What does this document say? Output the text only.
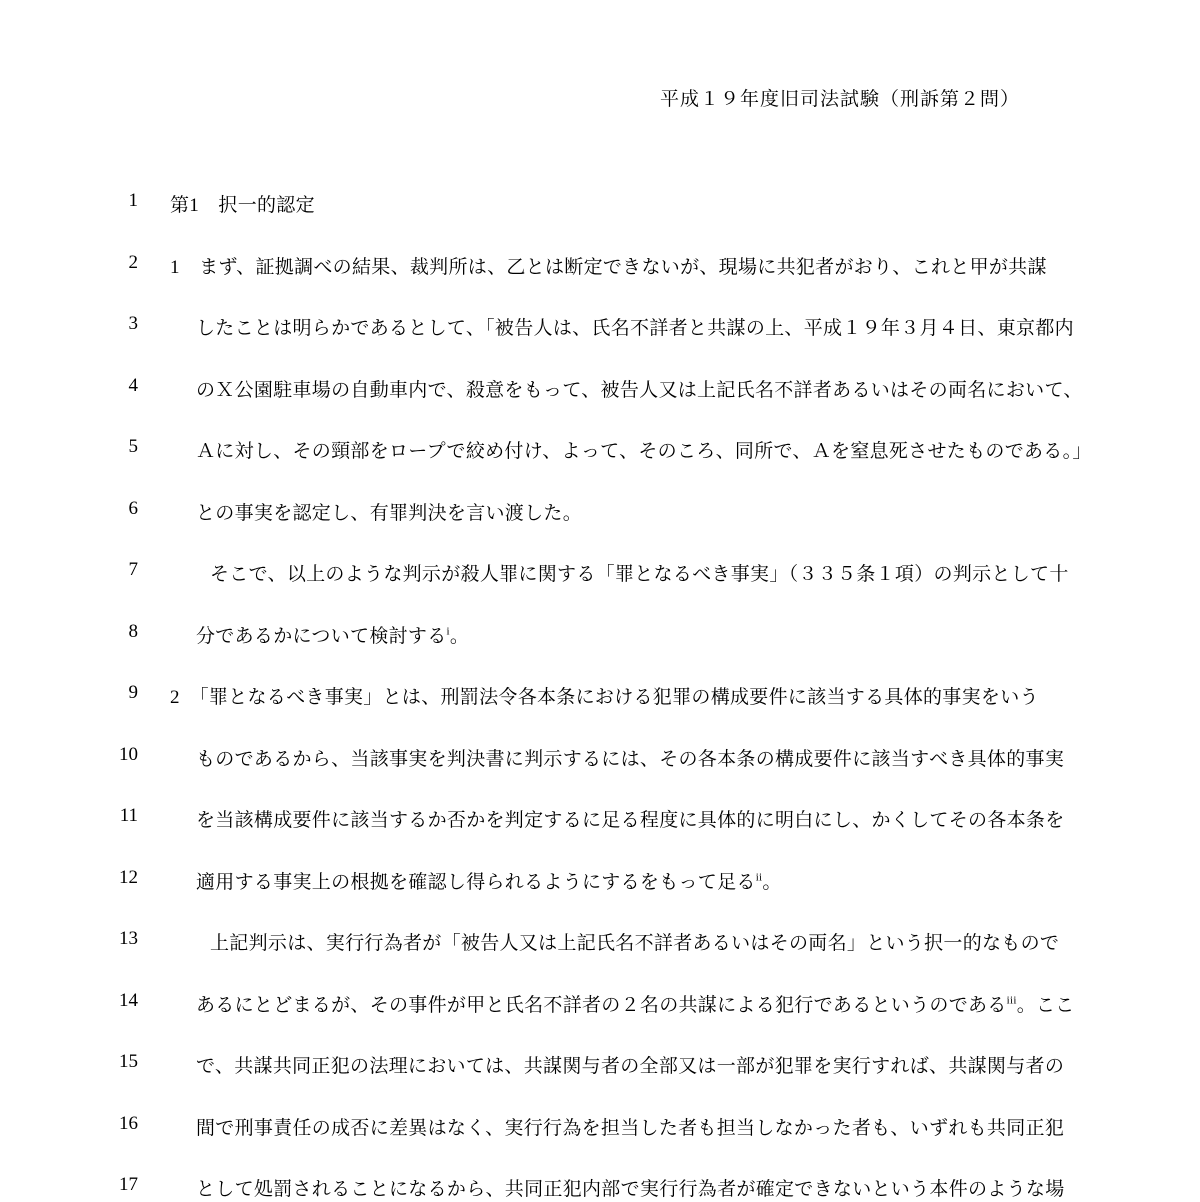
平成１９年度旧司法試験（刑訴第２問）
1 第1　択一的認定
2 1　まず、証拠調べの結果、裁判所は、乙とは断定できないが、現場に共犯者がおり、これと甲が共謀
3	したことは明らかであるとして、「被告人は、氏名不詳者と共謀の上、平成１９年３月４日、東京都内
4	のＸ公園駐車場の自動車内で、殺意をもって、被告人又は上記氏名不詳者あるいはその両名において、
5	Ａに対し、その頸部をロープで絞め付け、よって、そのころ、同所で、Ａを窒息死させたものである。」
6	との事実を認定し、有罪判決を言い渡した。
7	そこで、以上のような判示が殺人罪に関する「罪となるべき事実」（３３５条１項）の判示として十
8	分であるかについて検討する$^i$。
9 2　「罪となるべき事実」とは、刑罰法令各本条における犯罪の構成要件に該当する具体的事実をいう
10	ものであるから、当該事実を判決書に判示するには、その各本条の構成要件に該当すべき具体的事実
11	を当該構成要件に該当するか否かを判定するに足る程度に具体的に明白にし、かくしてその各本条を
12	適用する事実上の根拠を確認し得られるようにするをもって足る$^{ii}$。
13	上記判示は、実行行為者が「被告人又は上記氏名不詳者あるいはその両名」という択一的なもので
14	あるにとどまるが、その事件が甲と氏名不詳者の２名の共謀による犯行であるというのである$^{iii}$。ここ
15	で、共謀共同正犯の法理においては、共謀関与者の全部又は一部が犯罪を実行すれば、共謀関与者の
16	間で刑事責任の成否に差異はなく、実行行為を担当した者も担当しなかった者も、いずれも共同正犯
17	として処罰されることになるから、共同正犯内部で実行行為者が確定できないという本件のような場
